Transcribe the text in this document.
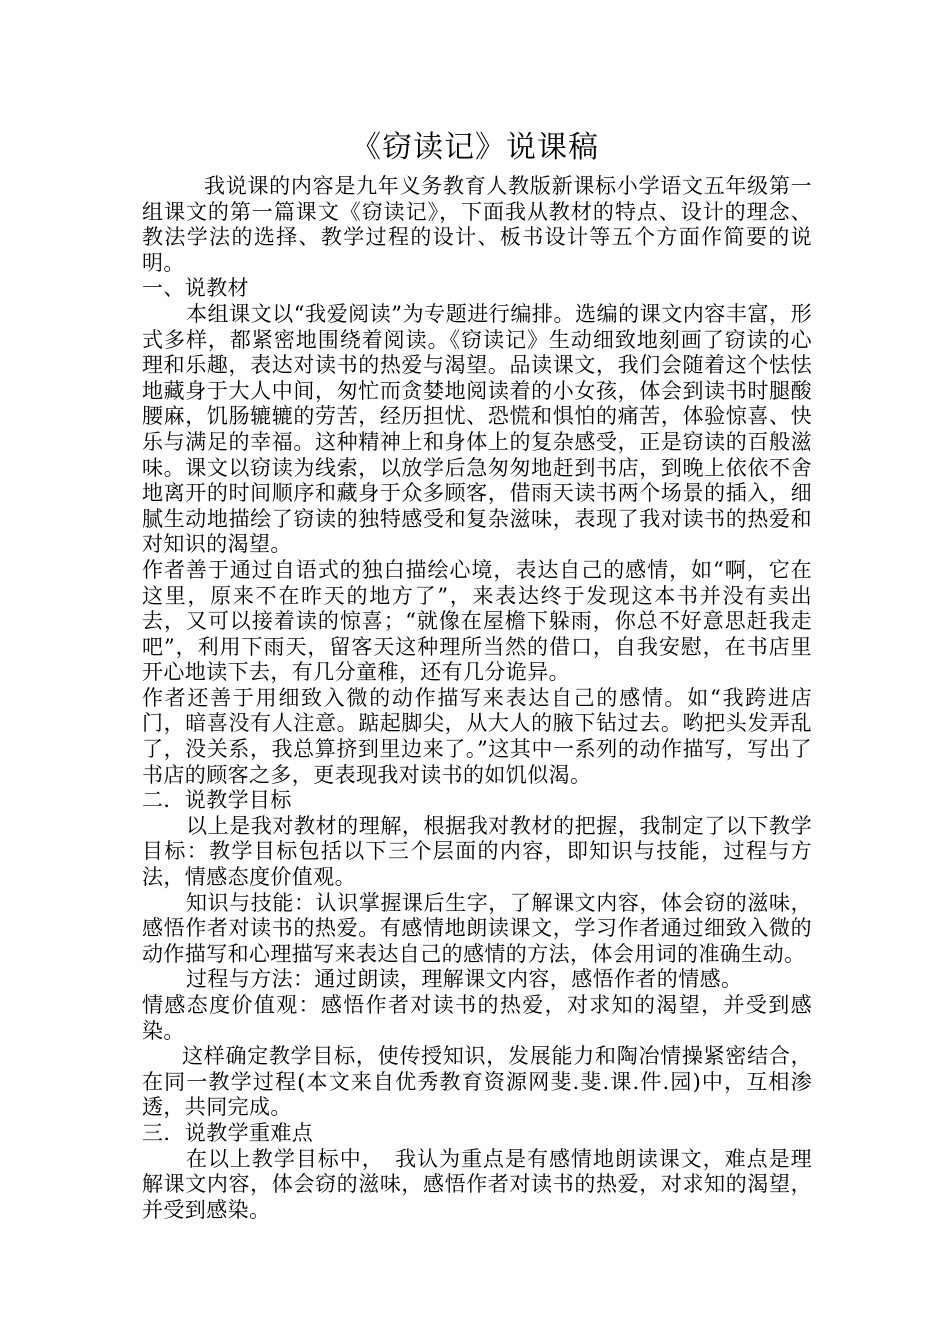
《窃读记》说课稿

我说课的内容是九年义务教育人教版新课标小学语文五年级第一组课文的第一篇课文《窃读记》，下面我从教材的特点、设计的理念、教法学法的选择、教学过程的设计、板书设计等五个方面作简要的说明。

一、说教材

本组课文以“我爱阅读”为专题进行编排。选编的课文内容丰富，形式多样，都紧密地围绕着阅读。《窃读记》生动细致地刻画了窃读的心理和乐趣，表达对读书的热爱与渴望。品读课文，我们会随着这个怯怯地藏身于大人中间，匆忙而贪婪地阅读着的小女孩，体会到读书时腿酸腰麻，饥肠辘辘的劳苦，经历担忧、恐慌和惧怕的痛苦，体验惊喜、快乐与满足的幸福。这种精神上和身体上的复杂感受，正是窃读的百般滋味。课文以窃读为线索，以放学后急匆匆地赶到书店，到晚上依依不舍地离开的时间顺序和藏身于众多顾客，借雨天读书两个场景的插入，细腻生动地描绘了窃读的独特感受和复杂滋味，表现了我对读书的热爱和对知识的渴望。

作者善于通过自语式的独白描绘心境，表达自己的感情，如“啊，它在这里，原来不在昨天的地方了”，来表达终于发现这本书并没有卖出去，又可以接着读的惊喜；“就像在屋檐下躲雨，你总不好意思赶我走吧”，利用下雨天，留客天这种理所当然的借口，自我安慰，在书店里开心地读下去，有几分童稚，还有几分诡异。

作者还善于用细致入微的动作描写来表达自己的感情。如“我跨进店门，暗喜没有人注意。踮起脚尖，从大人的腋下钻过去。哟把头发弄乱了，没关系，我总算挤到里边来了。”这其中一系列的动作描写，写出了书店的顾客之多，更表现我对读书的如饥似渴。

二．说教学目标

以上是我对教材的理解，根据我对教材的把握，我制定了以下教学目标：教学目标包括以下三个层面的内容，即知识与技能，过程与方法，情感态度价值观。

知识与技能：认识掌握课后生字，了解课文内容，体会窃的滋味，感悟作者对读书的热爱。有感情地朗读课文，学习作者通过细致入微的动作描写和心理描写来表达自己的感情的方法，体会用词的准确生动。

过程与方法：通过朗读，理解课文内容，感悟作者的情感。

情感态度价值观：感悟作者对读书的热爱，对求知的渴望，并受到感染。

这样确定教学目标，使传授知识，发展能力和陶冶情操紧密结合，在同一教学过程(本文来自优秀教育资源网斐.斐.课.件.园)中，互相渗透，共同完成。

三．说教学重难点

在以上教学目标中，　我认为重点是有感情地朗读课文，难点是理解课文内容，体会窃的滋味，感悟作者对读书的热爱，对求知的渴望，并受到感染。
